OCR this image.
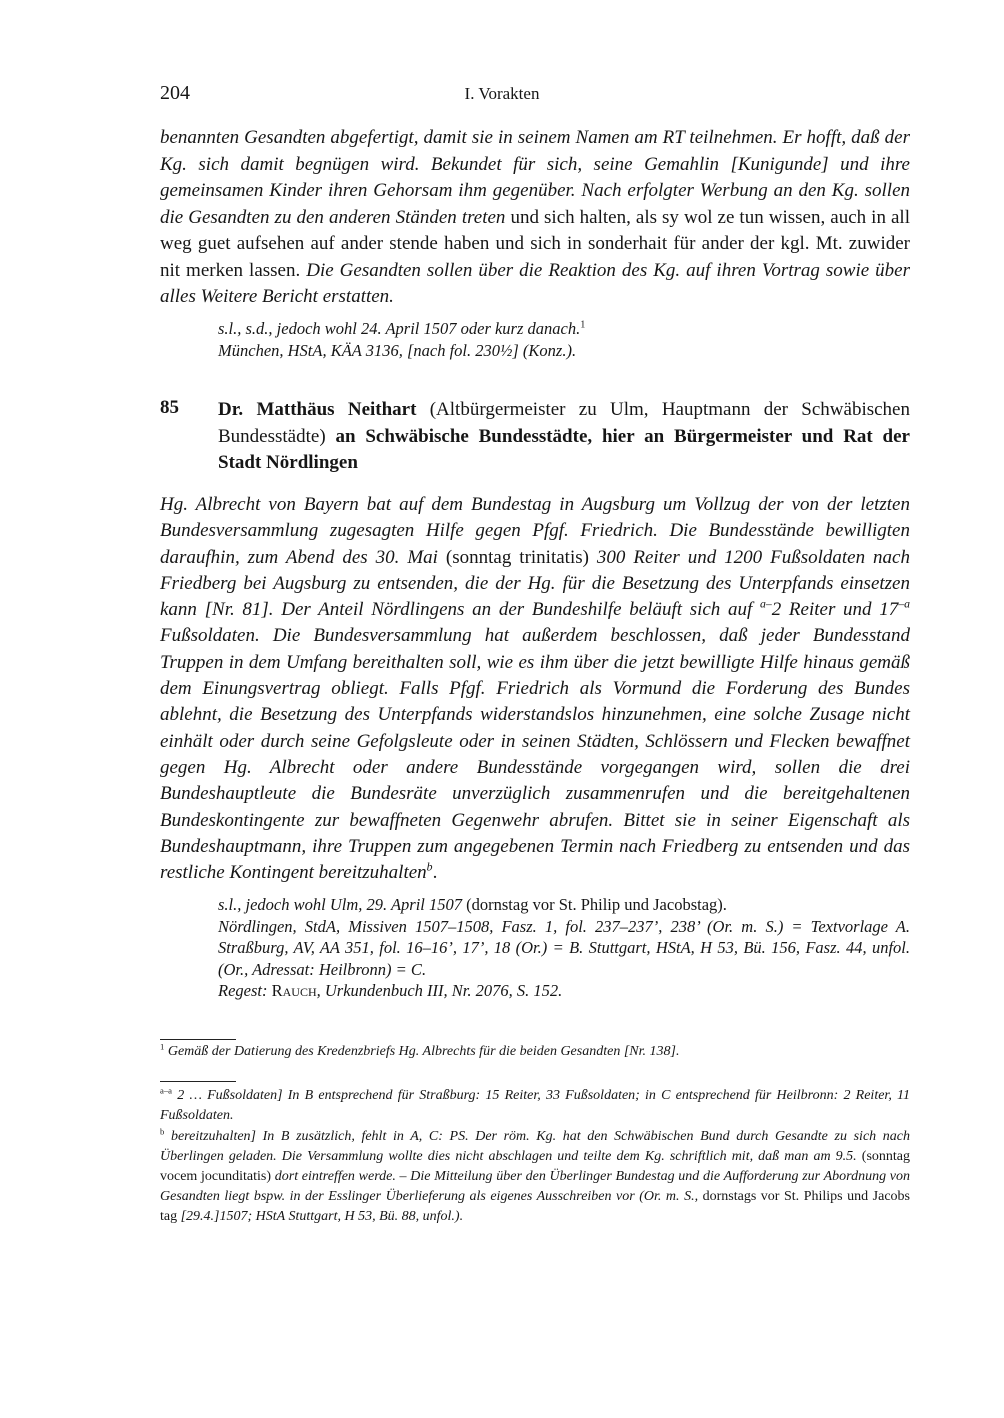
204	I. Vorakten
benannten Gesandten abgefertigt, damit sie in seinem Namen am RT teilnehmen. Er hofft, daß der Kg. sich damit begnügen wird. Bekundet für sich, seine Gemahlin [Kunigunde] und ihre gemeinsamen Kinder ihren Gehorsam ihm gegenüber. Nach erfolgter Werbung an den Kg. sollen die Gesandten zu den anderen Ständen treten und sich halten, als sy wol ze tun wissen, auch in all weg guet aufsehen auf ander stende haben und sich in sonderhait für ander der kgl. Mt. zuwider nit merken lassen. Die Gesandten sollen über die Reaktion des Kg. auf ihren Vortrag sowie über alles Weitere Bericht erstatten.
s.l., s.d., jedoch wohl 24. April 1507 oder kurz danach.$^1$
München, HStA, KÄA 3136, [nach fol. 230½] (Konz.).
85 Dr. Matthäus Neithart (Altbürgermeister zu Ulm, Hauptmann der Schwäbischen Bundesstädte) an Schwäbische Bundesstädte, hier an Bürgermeister und Rat der Stadt Nördlingen
Hg. Albrecht von Bayern bat auf dem Bundestag in Augsburg um Vollzug der von der letzten Bundesversammlung zugesagten Hilfe gegen Pfgf. Friedrich. Die Bundesstände bewilligten daraufhin, zum Abend des 30. Mai (sonntag trinitatis) 300 Reiter und 1200 Fußsoldaten nach Friedberg bei Augsburg zu entsenden, die der Hg. für die Besetzung des Unterpfands einsetzen kann [Nr. 81]. Der Anteil Nördlingens an der Bundeshilfe beläuft sich auf $^{a-}$2 Reiter und $17^{-a}$ Fußsoldaten. Die Bundesversammlung hat außerdem beschlossen, daß jeder Bundesstand Truppen in dem Umfang bereithalten soll, wie es ihm über die jetzt bewilligte Hilfe hinaus gemäß dem Einungsvertrag obliegt. Falls Pfgf. Friedrich als Vormund die Forderung des Bundes ablehnt, die Besetzung des Unterpfands widerstandslos hinzunehmen, eine solche Zusage nicht einhält oder durch seine Gefolgsleute oder in seinen Städten, Schlössern und Flecken bewaffnet gegen Hg. Albrecht oder andere Bundesstände vorgegangen wird, sollen die drei Bundeshauptleute die Bundesräte unverzüglich zusammenrufen und die bereitgehaltenen Bundeskontingente zur bewaffneten Gegenwehr abrufen. Bittet sie in seiner Eigenschaft als Bundeshauptmann, ihre Truppen zum angegebenen Termin nach Friedberg zu entsenden und das restliche Kontingent bereitzuhalten$^b$.
s.l., jedoch wohl Ulm, 29. April 1507 (dornstag vor St. Philip und Jacobstag).
Nördlingen, StdA, Missiven 1507–1508, Fasz. 1, fol. 237–237’, 238’ (Or. m. S.) = Textvorlage A. Straßburg, AV, AA 351, fol. 16–16’, 17’, 18 (Or.) = B. Stuttgart, HStA, H 53, Bü. 156, Fasz. 44, unfol. (Or., Adressat: Heilbronn) = C.
Regest: Rauch, Urkundenbuch III, Nr. 2076, S. 152.
$^1$ Gemäß der Datierung des Kredenzbriefs Hg. Albrechts für die beiden Gesandten [Nr. 138].
$^{a-a}$ 2 … Fußsoldaten] In B entsprechend für Straßburg: 15 Reiter, 33 Fußsoldaten; in C entsprechend für Heilbronn: 2 Reiter, 11 Fußsoldaten.
$^b$ bereitzuhalten] In B zusätzlich, fehlt in A, C: PS. Der röm. Kg. hat den Schwäbischen Bund durch Gesandte zu sich nach Überlingen geladen. Die Versammlung wollte dies nicht abschlagen und teilte dem Kg. schriftlich mit, daß man am 9.5. (sonntag vocem jocunditatis) dort eintreffen werde. – Die Mitteilung über den Überlinger Bundestag und die Aufforderung zur Abordnung von Gesandten liegt bspw. in der Esslinger Überlieferung als eigenes Ausschreiben vor (Or. m. S., dornstags vor St. Philips und Jacobs tag [29.4.]1507; HStA Stuttgart, H 53, Bü. 88, unfol.).
